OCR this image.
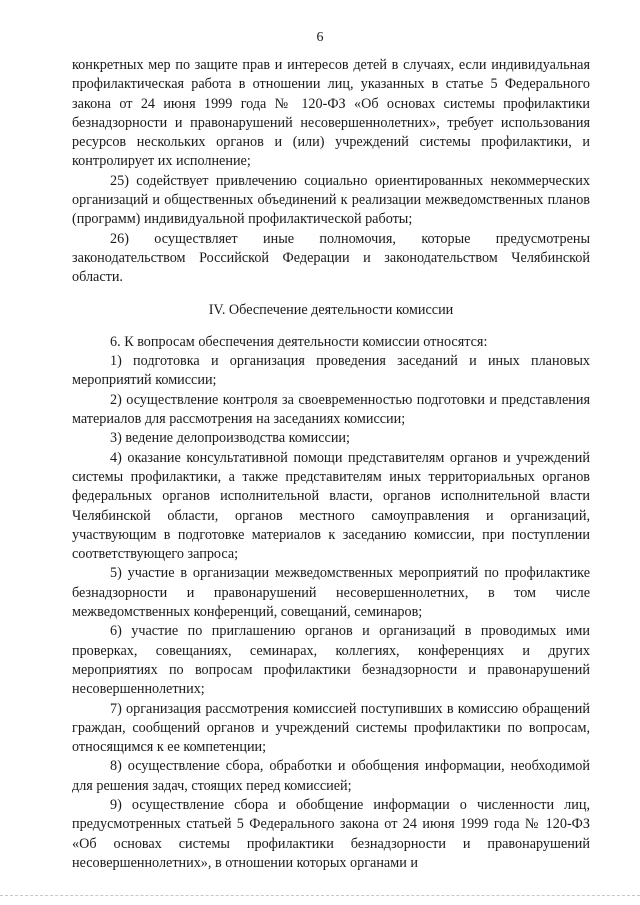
6

конкретных мер по защите прав и интересов детей в случаях, если индивидуальная профилактическая работа в отношении лиц, указанных в статье 5 Федерального закона от 24 июня 1999 года № 120-ФЗ «Об основах системы профилактики безнадзорности и правонарушений несовершеннолетних», требует использования ресурсов нескольких органов и (или) учреждений системы профилактики, и контролирует их исполнение;

25) содействует привлечению социально ориентированных некоммерческих организаций и общественных объединений к реализации межведомственных планов (программ) индивидуальной профилактической работы;

26) осуществляет иные полномочия, которые предусмотрены законодательством Российской Федерации и законодательством Челябинской области.

IV. Обеспечение деятельности комиссии

6. К вопросам обеспечения деятельности комиссии относятся:

1) подготовка и организация проведения заседаний и иных плановых мероприятий комиссии;

2) осуществление контроля за своевременностью подготовки и представления материалов для рассмотрения на заседаниях комиссии;

3) ведение делопроизводства комиссии;

4) оказание консультативной помощи представителям органов и учреждений системы профилактики, а также представителям иных территориальных органов федеральных органов исполнительной власти, органов исполнительной власти Челябинской области, органов местного самоуправления и организаций, участвующим в подготовке материалов к заседанию комиссии, при поступлении соответствующего запроса;

5) участие в организации межведомственных мероприятий по профилактике безнадзорности и правонарушений несовершеннолетних, в том числе межведомственных конференций, совещаний, семинаров;

6) участие по приглашению органов и организаций в проводимых ими проверках, совещаниях, семинарах, коллегиях, конференциях и других мероприятиях по вопросам профилактики безнадзорности и правонарушений несовершеннолетних;

7) организация рассмотрения комиссией поступивших в комиссию обращений граждан, сообщений органов и учреждений системы профилактики по вопросам, относящимся к ее компетенции;

8) осуществление сбора, обработки и обобщения информации, необходимой для решения задач, стоящих перед комиссией;

9) осуществление сбора и обобщение информации о численности лиц, предусмотренных статьей 5 Федерального закона от 24 июня 1999 года № 120-ФЗ «Об основах системы профилактики безнадзорности и правонарушений несовершеннолетних», в отношении которых органами и
